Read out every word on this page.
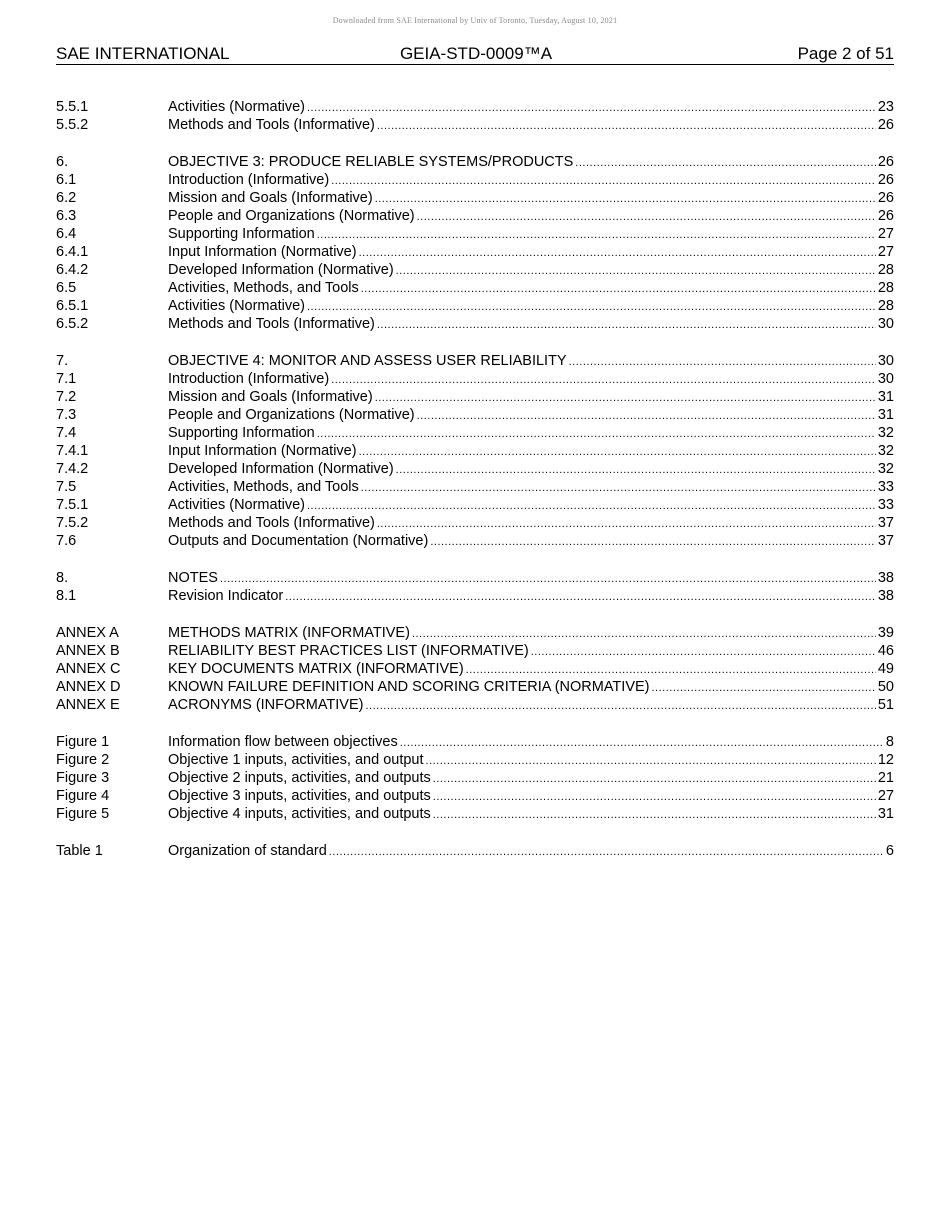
Downloaded from SAE International by Univ of Toronto, Tuesday, August 10, 2021
SAE INTERNATIONAL	GEIA-STD-0009™A	Page 2 of 51
5.5.1	Activities (Normative) .....	23
5.5.2	Methods and Tools (Informative) .....	26
6.	OBJECTIVE 3: PRODUCE RELIABLE SYSTEMS/PRODUCTS .....	26
6.1	Introduction (Informative) .....	26
6.2	Mission and Goals (Informative) .....	26
6.3	People and Organizations (Normative) .....	26
6.4	Supporting Information .....	27
6.4.1	Input Information (Normative) .....	27
6.4.2	Developed Information (Normative) .....	28
6.5	Activities, Methods, and Tools .....	28
6.5.1	Activities (Normative) .....	28
6.5.2	Methods and Tools (Informative) .....	30
7.	OBJECTIVE 4: MONITOR AND ASSESS USER RELIABILITY .....	30
7.1	Introduction (Informative) .....	30
7.2	Mission and Goals (Informative) .....	31
7.3	People and Organizations (Normative) .....	31
7.4	Supporting Information .....	32
7.4.1	Input Information (Normative) .....	32
7.4.2	Developed Information (Normative) .....	32
7.5	Activities, Methods, and Tools .....	33
7.5.1	Activities (Normative) .....	33
7.5.2	Methods and Tools (Informative) .....	37
7.6	Outputs and Documentation (Normative) .....	37
8.	NOTES .....	38
8.1	Revision Indicator .....	38
ANNEX A	METHODS MATRIX (INFORMATIVE) .....	39
ANNEX B	RELIABILITY BEST PRACTICES LIST (INFORMATIVE) .....	46
ANNEX C	KEY DOCUMENTS MATRIX (INFORMATIVE) .....	49
ANNEX D	KNOWN FAILURE DEFINITION AND SCORING CRITERIA (NORMATIVE) .....	50
ANNEX E	ACRONYMS (INFORMATIVE) .....	51
Figure 1	Information flow between objectives .....	8
Figure 2	Objective 1 inputs, activities, and output .....	12
Figure 3	Objective 2 inputs, activities, and outputs .....	21
Figure 4	Objective 3 inputs, activities, and outputs .....	27
Figure 5	Objective 4 inputs, activities, and outputs .....	31
Table 1	Organization of standard .....	6
